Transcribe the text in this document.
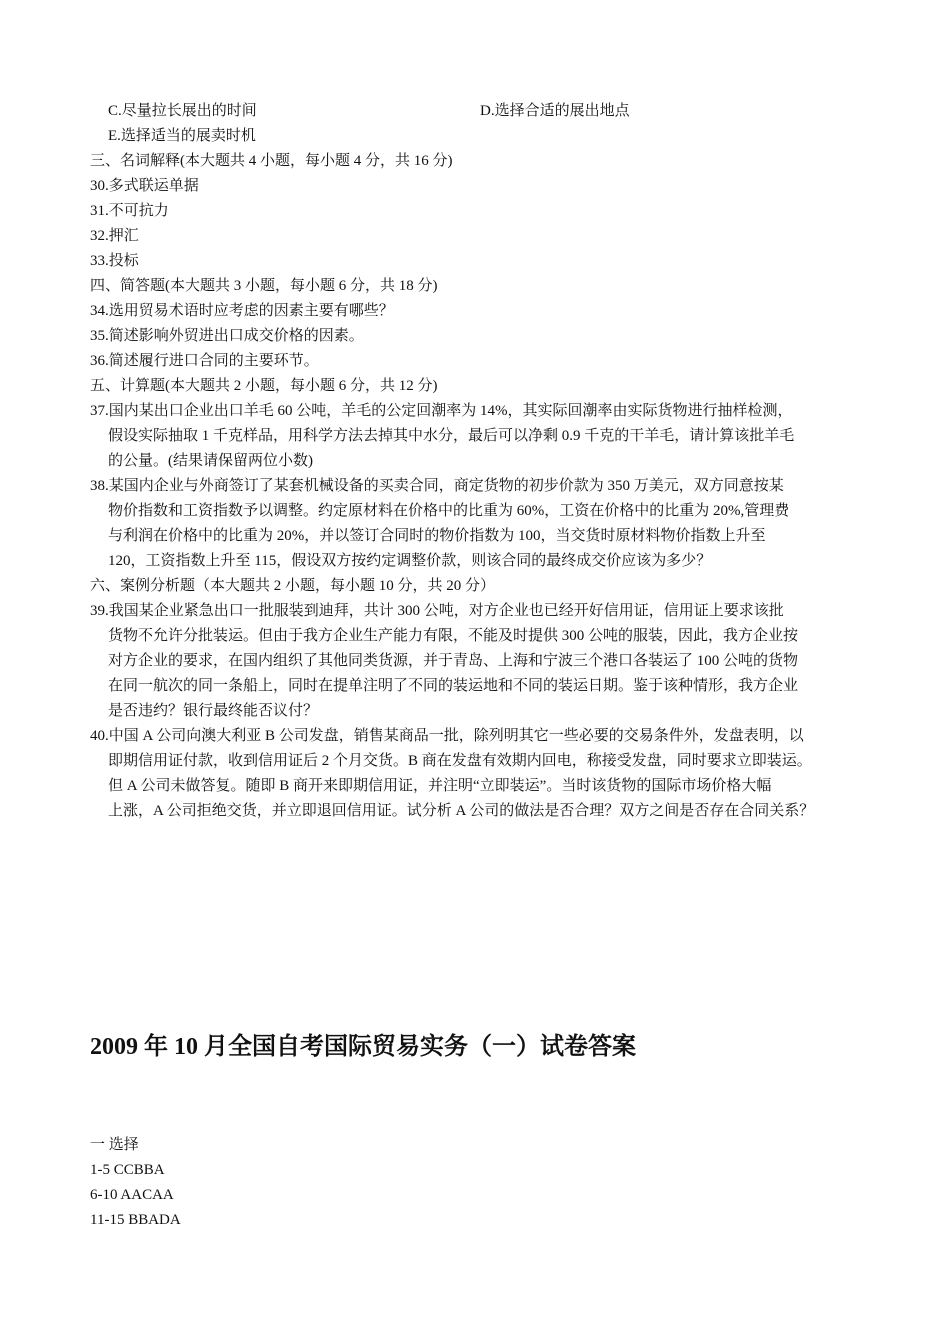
C.尽量拉长展出的时间	D.选择合适的展出地点
E.选择适当的展卖时机
三、名词解释(本大题共 4 小题，每小题 4 分，共 16 分)
30.多式联运单据
31.不可抗力
32.押汇
33.投标
四、简答题(本大题共 3 小题，每小题 6 分，共 18 分)
34.选用贸易术语时应考虑的因素主要有哪些？
35.简述影响外贸进出口成交价格的因素。
36.简述履行进口合同的主要环节。
五、计算题(本大题共 2 小题，每小题 6 分，共 12 分)
37.国内某出口企业出口羊毛 60 公吨，羊毛的公定回潮率为 14%，其实际回潮率由实际货物进行抽样检测，
假设实际抽取 1 千克样品，用科学方法去掉其中水分，最后可以净剩 0.9 千克的干羊毛，请计算该批羊毛
的公量。(结果请保留两位小数)
38.某国内企业与外商签订了某套机械设备的买卖合同，商定货物的初步价款为 350 万美元，双方同意按某
物价指数和工资指数予以调整。约定原材料在价格中的比重为 60%，工资在价格中的比重为 20%,管理费
与利润在价格中的比重为 20%，并以签订合同时的物价指数为 100，当交货时原材料物价指数上升至
120，工资指数上升至 115，假设双方按约定调整价款，则该合同的最终成交价应该为多少？
六、案例分析题（本大题共 2 小题，每小题 10 分，共 20 分）
39.我国某企业紧急出口一批服装到迪拜，共计 300 公吨，对方企业也已经开好信用证，信用证上要求该批
货物不允许分批装运。但由于我方企业生产能力有限，不能及时提供 300 公吨的服装，因此，我方企业按
对方企业的要求，在国内组织了其他同类货源，并于青岛、上海和宁波三个港口各装运了 100 公吨的货物
在同一航次的同一条船上，同时在提单注明了不同的装运地和不同的装运日期。鉴于该种情形，我方企业
是否违约？银行最终能否议付？
40.中国 A 公司向澳大利亚 B 公司发盘，销售某商品一批，除列明其它一些必要的交易条件外，发盘表明，以
即期信用证付款，收到信用证后 2 个月交货。B 商在发盘有效期内回电，称接受发盘，同时要求立即装运。
但 A 公司未做答复。随即 B 商开来即期信用证，并注明“立即装运”。当时该货物的国际市场价格大幅
上涨，A 公司拒绝交货，并立即退回信用证。试分析 A 公司的做法是否合理？双方之间是否存在合同关系？
2009 年 10 月全国自考国际贸易实务（一）试卷答案
一 选择
1-5 CCBBA
6-10 AACAA
11-15 BBADA
